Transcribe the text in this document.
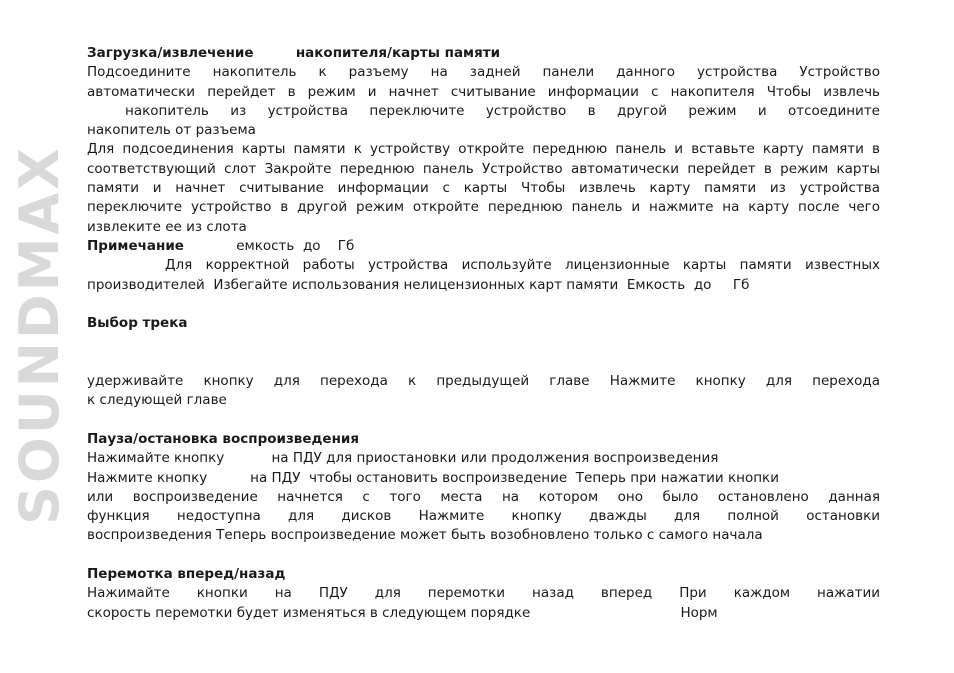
SOUNDMAX
Загрузка/извлечение         накопителя/карты памяти
Подсоедините накопитель к разъему на задней панели данного устройства Устройство
автоматически перейдет в режим и начнет считывание информации с накопителя Чтобы извлечь
накопитель из устройства переключите устройство в другой режим и отсоедините
накопитель от разъема
Для подсоединения карты памяти к устройству откройте переднюю панель и вставьте карту памяти в
соответствующий слот Закройте переднюю панель Устройство автоматически перейдет в режим карты
памяти и начнет считывание информации с карты Чтобы извлечь карту памяти из устройства
переключите устройство в другой режим откройте переднюю панель и нажмите на карту после чего
извлеките ее из слота
Примечание	емкость  до    Гб
Для корректной работы устройства используйте лицензионные карты памяти известных
производителей  Избегайте использования нелицензионных карт памяти  Емкость  до     Гб
Выбор трека

удерживайте кнопку для перехода к предыдущей главе Нажмите кнопку для перехода
к следующей главе
Пауза/остановка воспроизведения
Нажимайте кнопку           на ПДУ для приостановки или продолжения воспроизведения
Нажмите кнопку          на ПДУ  чтобы остановить воспроизведение  Теперь при нажатии кнопки
или воспроизведение начнется с того места на котором оно было остановлено данная
функция недоступна для дисков Нажмите кнопку дважды для полной остановки
воспроизведения Теперь воспроизведение может быть возобновлено только с самого начала
Перемотка вперед/назад
Нажимайте кнопки на ПДУ для перемотки назад вперед При каждом нажатии
скорость перемотки будет изменяться в следующем порядке                                   Норм
